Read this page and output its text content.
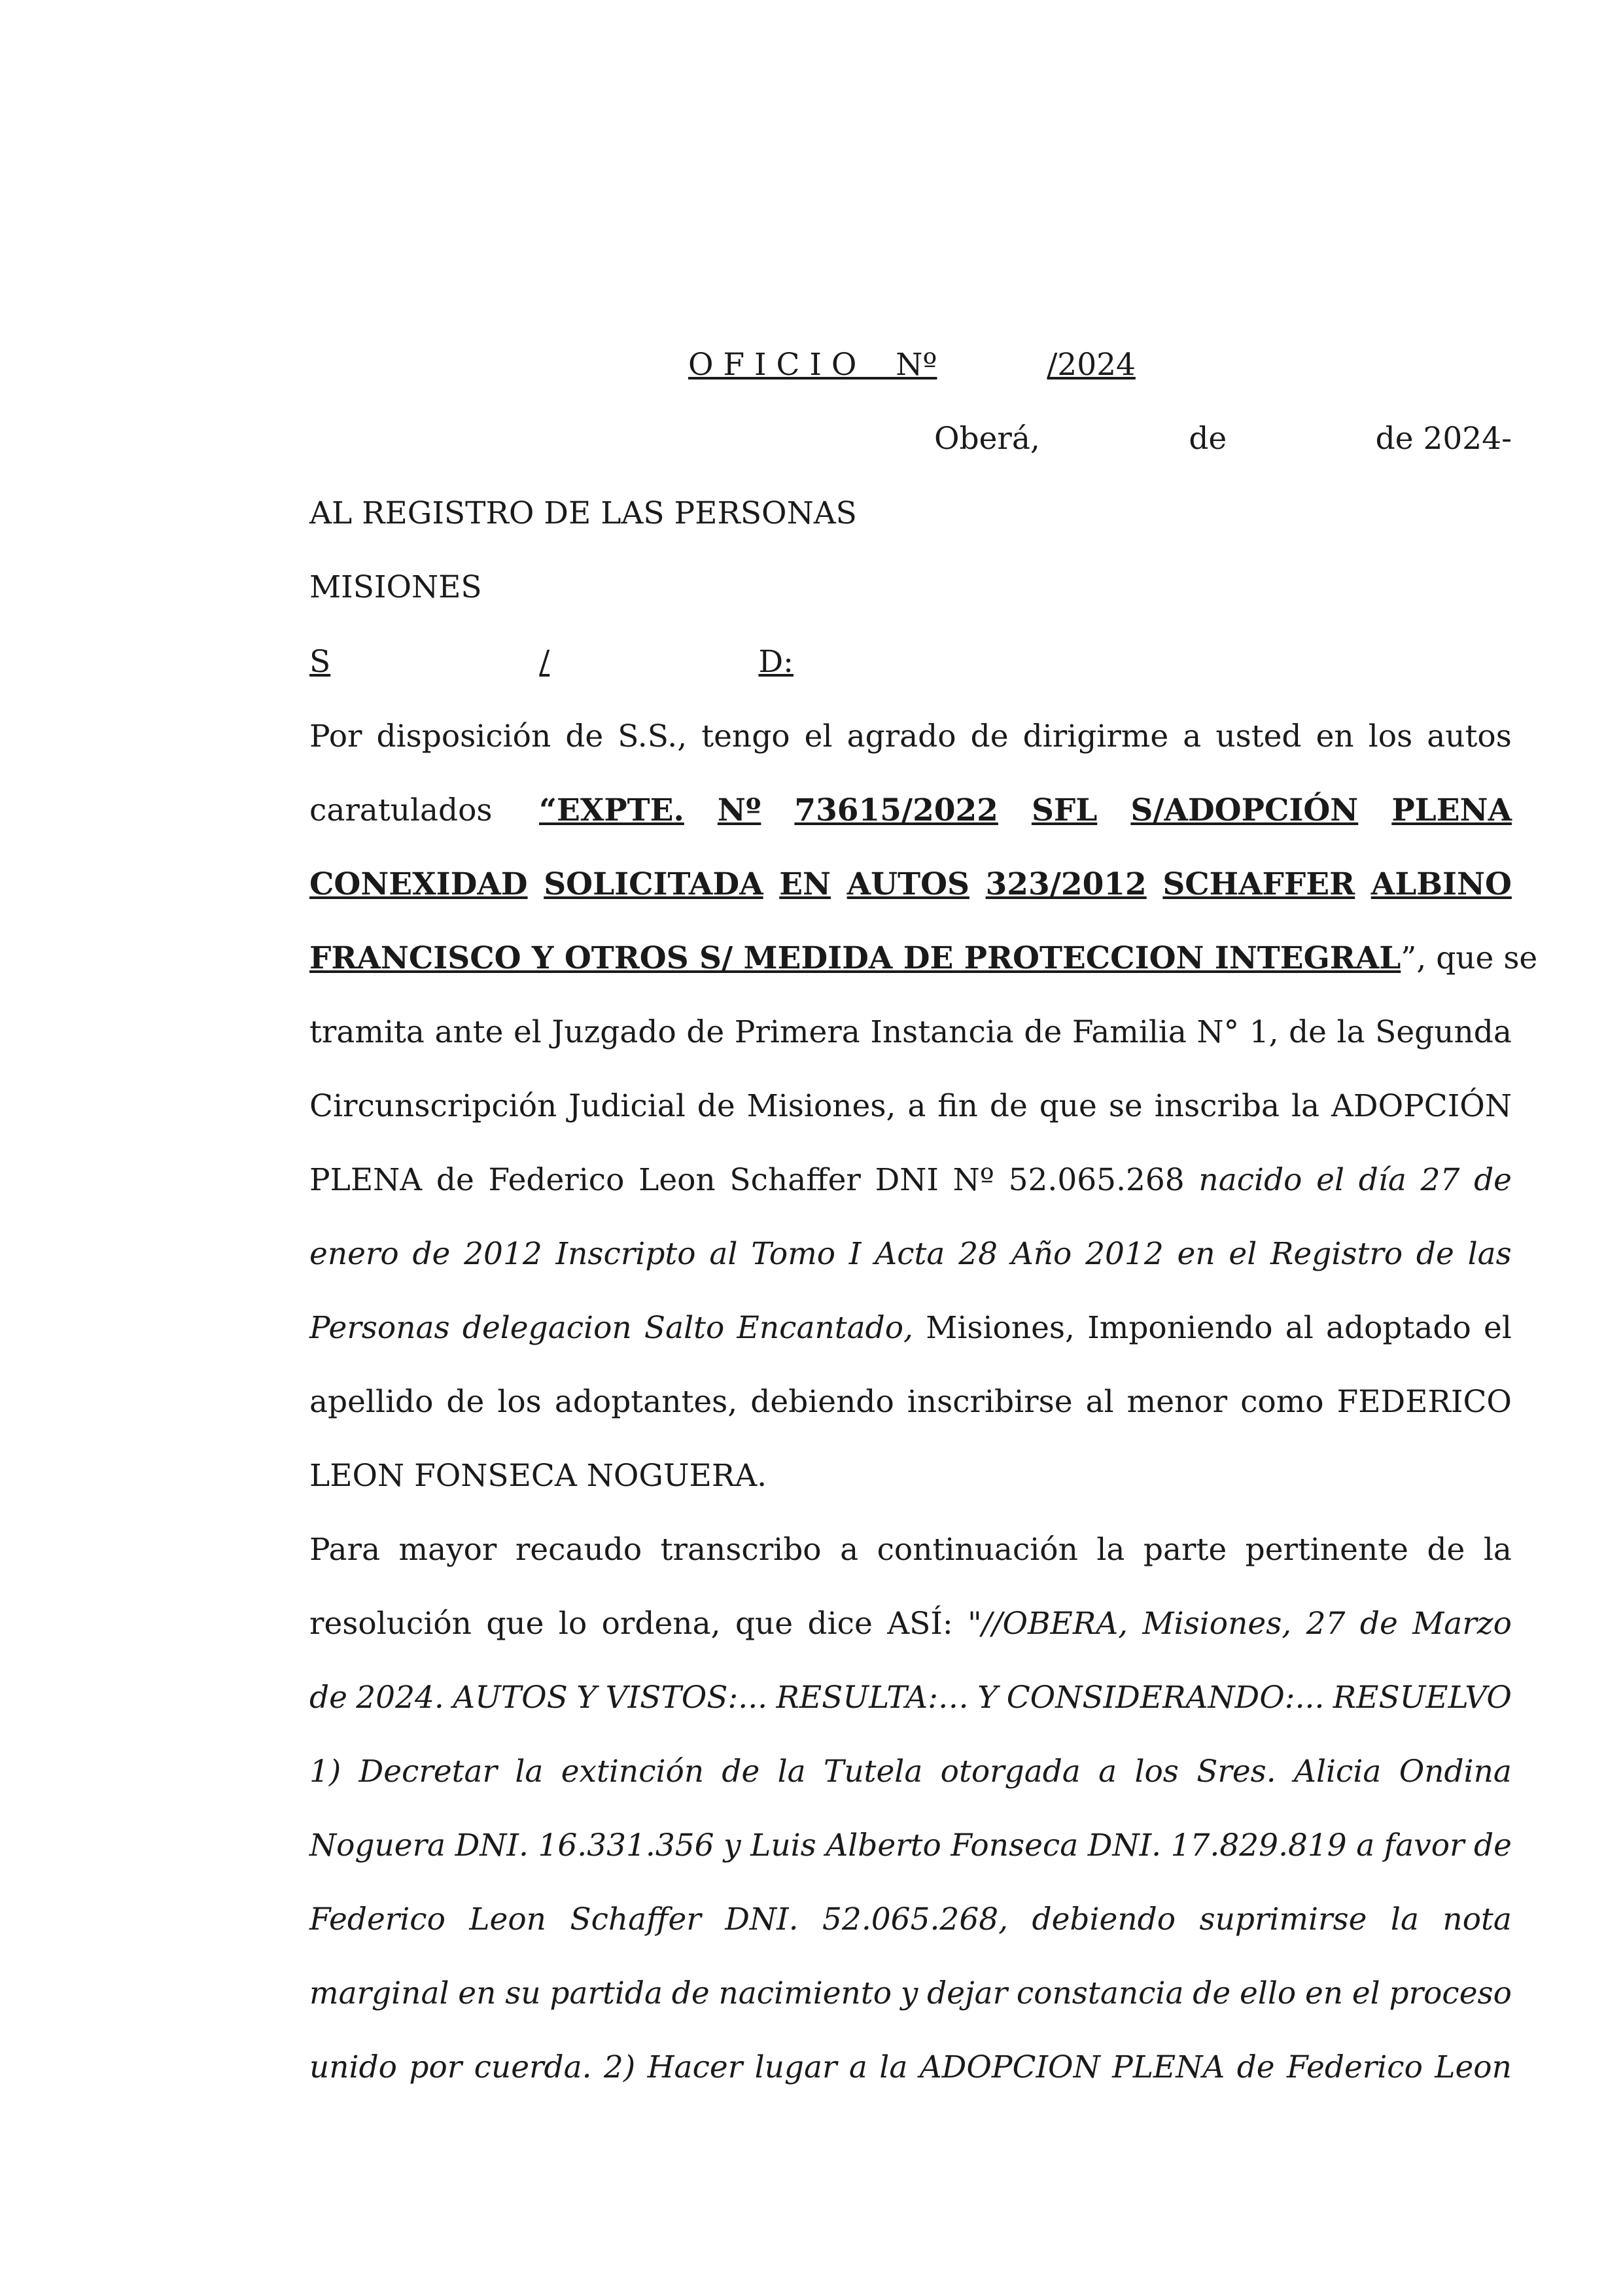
O F I C I O    Nº	/2024
Oberá,	de	de 2024-
AL REGISTRO DE LAS PERSONAS
MISIONES
S	/	D:
Por disposición de S.S., tengo el agrado de dirigirme a usted en los autos
caratulados “EXPTE. Nº 73615/2022 SFL S/ADOPCIÓN PLENA
CONEXIDAD SOLICITADA EN AUTOS 323/2012 SCHAFFER ALBINO
FRANCISCO Y OTROS S/ MEDIDA DE PROTECCION INTEGRAL”, que se
tramita ante el Juzgado de Primera Instancia de Familia N° 1, de la Segunda
Circunscripción Judicial de Misiones, a fin de que se inscriba la ADOPCIÓN
PLENA de Federico Leon Schaffer DNI Nº 52.065.268 nacido el día 27 de
enero de 2012 Inscripto al Tomo I Acta 28 Año 2012 en el Registro de las
Personas delegacion Salto Encantado, Misiones, Imponiendo al adoptado el
apellido de los adoptantes, debiendo inscribirse al menor como FEDERICO
LEON FONSECA NOGUERA.
Para mayor recaudo transcribo a continuación la parte pertinente de la
resolución que lo ordena, que dice ASÍ: "//OBERA, Misiones, 27 de Marzo
de 2024. AUTOS Y VISTOS:... RESULTA:… Y CONSIDERANDO:... RESUELVO
1) Decretar la extinción de la Tutela otorgada a los Sres. Alicia Ondina
Noguera DNI. 16.331.356 y Luis Alberto Fonseca DNI. 17.829.819 a favor de
Federico Leon Schaffer DNI. 52.065.268, debiendo suprimirse la nota
marginal en su partida de nacimiento y dejar constancia de ello en el proceso
unido por cuerda. 2) Hacer lugar a la ADOPCION PLENA de Federico Leon
